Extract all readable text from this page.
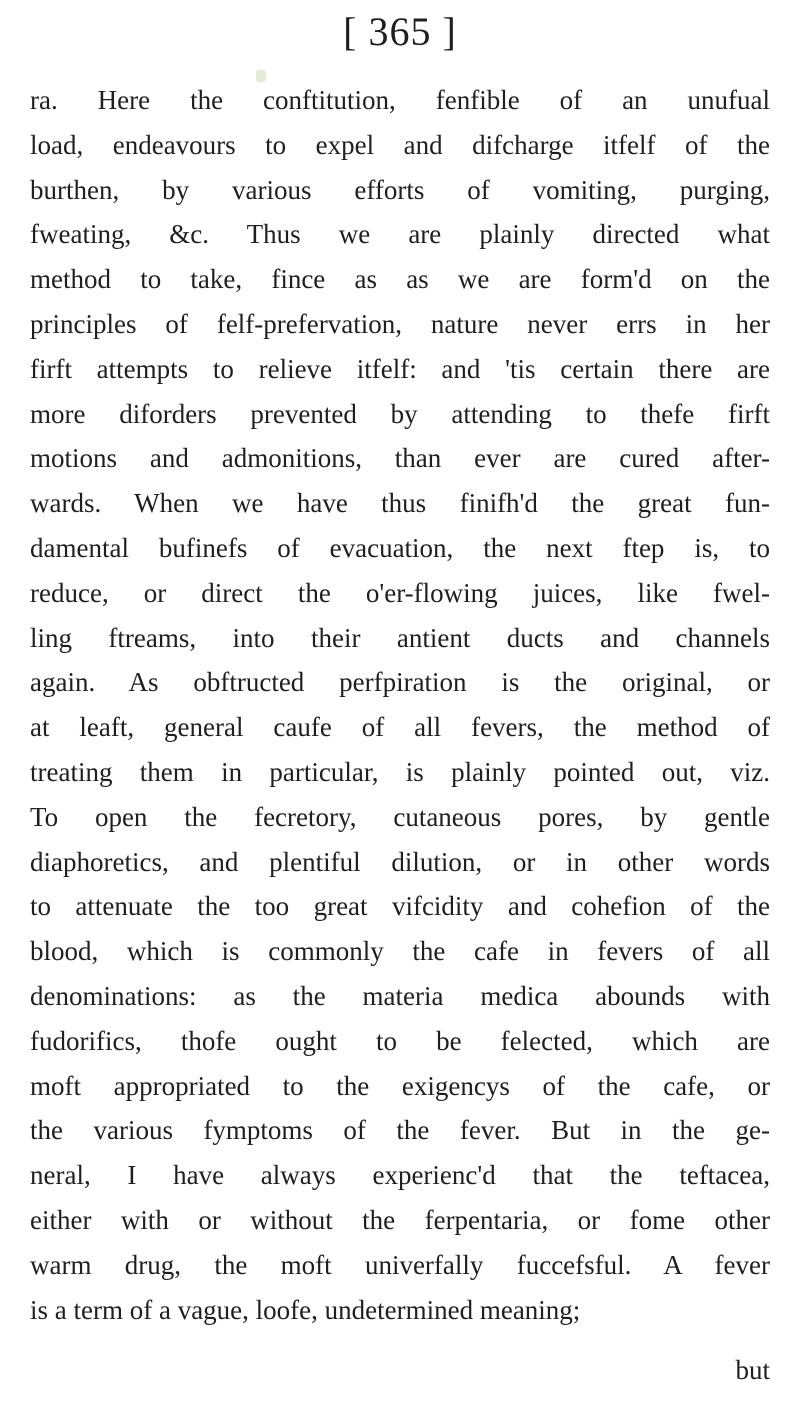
[ 365 ]
ra. Here the conftitution, fenfible of an unufual
load, endeavours to expel and difcharge itfelf of the
burthen, by various efforts of vomiting, purging,
fweating, &c. Thus we are plainly directed what
method to take, fince as as we are form'd on the
principles of felf-prefervation, nature never errs in her
firft attempts to relieve itfelf: and 'tis certain there are
more diforders prevented by attending to thefe firft
motions and admonitions, than ever are cured after-
wards. When we have thus finifh'd the great fun-
damental bufinefs of evacuation, the next ftep is, to
reduce, or direct the o'er-flowing juices, like fwel-
ling ftreams, into their antient ducts and channels
again. As obftructed perfpiration is the original, or
at leaft, general caufe of all fevers, the method of
treating them in particular, is plainly pointed out, viz.
To open the fecretory, cutaneous pores, by gentle
diaphoretics, and plentiful dilution, or in other words
to attenuate the too great vifcidity and cohefion of the
blood, which is commonly the cafe in fevers of all
denominations: as the materia medica abounds with
fudorifics, thofe ought to be felected, which are
moft appropriated to the exigencys of the cafe, or
the various fymptoms of the fever. But in the ge-
neral, I have always experienc'd that the teftacea,
either with or without the ferpentaria, or fome other
warm drug, the moft univerfally fuccefsful. A fever
is a term of a vague, loofe, undetermined meaning;
but
